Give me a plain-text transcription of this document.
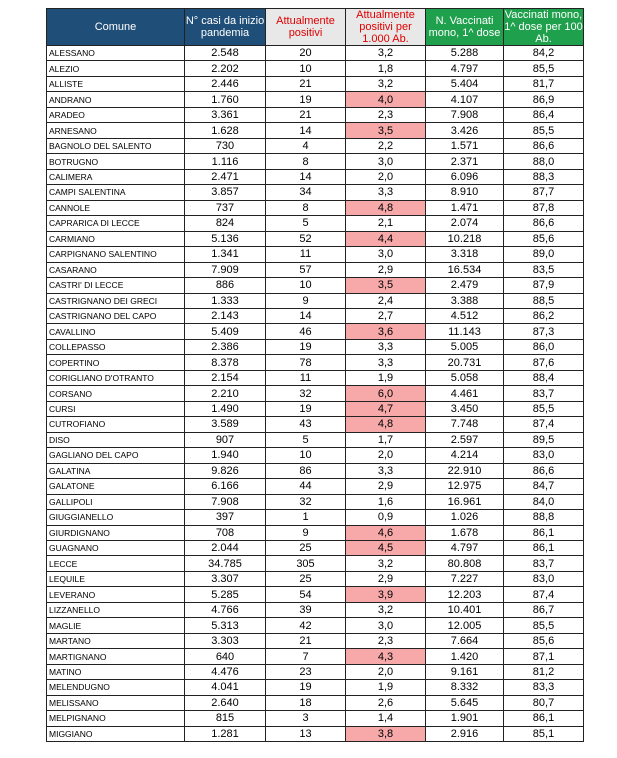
Comune	N° casi da inizio pandemia	Attualmente positivi	Attualmente positivi per 1.000 Ab.	N. Vaccinati mono, 1^ dose	Vaccinati mono, 1^ dose per 100 Ab.
ALESSANO	2.548	20	3,2	5.288	84,2
ALEZIO	2.202	10	1,8	4.797	85,5
ALLISTE	2.446	21	3,2	5.404	81,7
ANDRANO	1.760	19	4,0	4.107	86,9
ARADEO	3.361	21	2,3	7.908	86,4
ARNESANO	1.628	14	3,5	3.426	85,5
BAGNOLO DEL SALENTO	730	4	2,2	1.571	86,6
BOTRUGNO	1.116	8	3,0	2.371	88,0
CALIMERA	2.471	14	2,0	6.096	88,3
CAMPI SALENTINA	3.857	34	3,3	8.910	87,7
CANNOLE	737	8	4,8	1.471	87,8
CAPRARICA DI LECCE	824	5	2,1	2.074	86,6
CARMIANO	5.136	52	4,4	10.218	85,6
CARPIGNANO SALENTINO	1.341	11	3,0	3.318	89,0
CASARANO	7.909	57	2,9	16.534	83,5
CASTRI' DI LECCE	886	10	3,5	2.479	87,9
CASTRIGNANO DEI GRECI	1.333	9	2,4	3.388	88,5
CASTRIGNANO DEL CAPO	2.143	14	2,7	4.512	86,2
CAVALLINO	5.409	46	3,6	11.143	87,3
COLLEPASSO	2.386	19	3,3	5.005	86,0
COPERTINO	8.378	78	3,3	20.731	87,6
CORIGLIANO D'OTRANTO	2.154	11	1,9	5.058	88,4
CORSANO	2.210	32	6,0	4.461	83,7
CURSI	1.490	19	4,7	3.450	85,5
CUTROFIANO	3.589	43	4,8	7.748	87,4
DISO	907	5	1,7	2.597	89,5
GAGLIANO DEL CAPO	1.940	10	2,0	4.214	83,0
GALATINA	9.826	86	3,3	22.910	86,6
GALATONE	6.166	44	2,9	12.975	84,7
GALLIPOLI	7.908	32	1,6	16.961	84,0
GIUGGIANELLO	397	1	0,9	1.026	88,8
GIURDIGNANO	708	9	4,6	1.678	86,1
GUAGNANO	2.044	25	4,5	4.797	86,1
LECCE	34.785	305	3,2	80.808	83,7
LEQUILE	3.307	25	2,9	7.227	83,0
LEVERANO	5.285	54	3,9	12.203	87,4
LIZZANELLO	4.766	39	3,2	10.401	86,7
MAGLIE	5.313	42	3,0	12.005	85,5
MARTANO	3.303	21	2,3	7.664	85,6
MARTIGNANO	640	7	4,3	1.420	87,1
MATINO	4.476	23	2,0	9.161	81,2
MELENDUGNO	4.041	19	1,9	8.332	83,3
MELISSANO	2.640	18	2,6	5.645	80,7
MELPIGNANO	815	3	1,4	1.901	86,1
MIGGIANO	1.281	13	3,8	2.916	85,1
